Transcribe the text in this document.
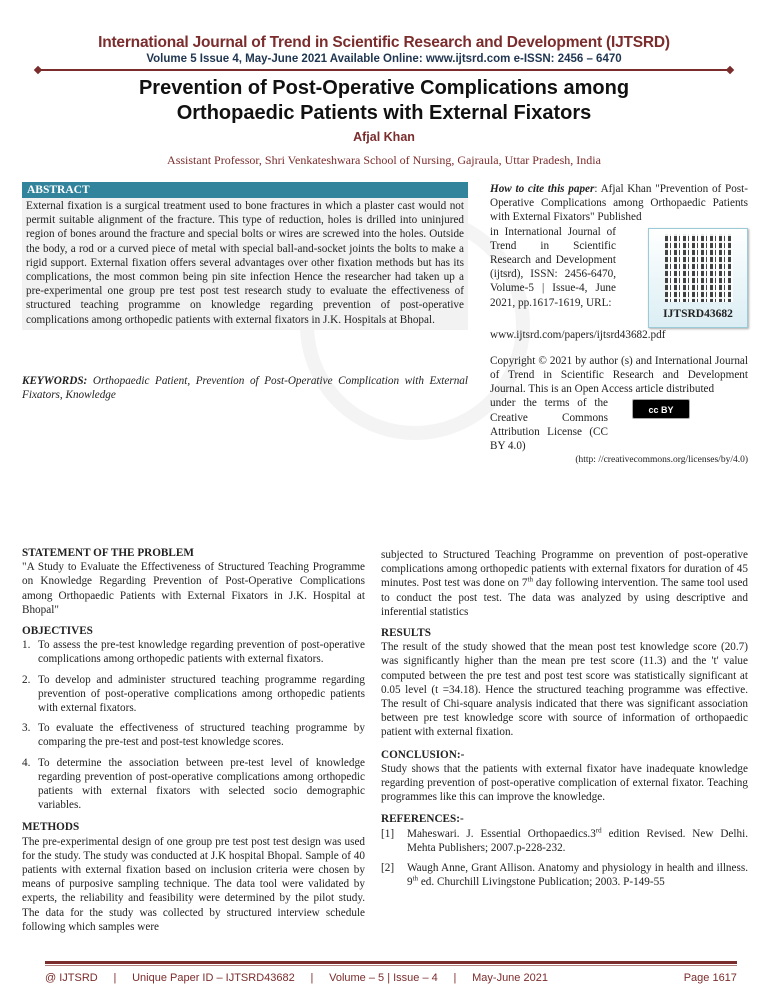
International Journal of Trend in Scientific Research and Development (IJTSRD)
Volume 5 Issue 4, May-June 2021 Available Online: www.ijtsrd.com e-ISSN: 2456 – 6470
Prevention of Post-Operative Complications among
Orthopaedic Patients with External Fixators
Afjal Khan
Assistant Professor, Shri Venkateshwara School of Nursing, Gajraula, Uttar Pradesh, India
ABSTRACT
External fixation is a surgical treatment used to bone fractures in which a plaster cast would not permit suitable alignment of the fracture. This type of reduction, holes is drilled into uninjured region of bones around the fracture and special bolts or wires are screwed into the holes. Outside the body, a rod or a curved piece of metal with special ball-and-socket joints the bolts to make a rigid support. External fixation offers several advantages over other fixation methods but has its complications, the most common being pin site infection Hence the researcher had taken up a pre-experimental one group pre test post test research study to evaluate the effectiveness of structured teaching programme on knowledge regarding prevention of post-operative complications among orthopedic patients with external fixators in J.K. Hospitals at Bhopal.
KEYWORDS: Orthopaedic Patient, Prevention of Post-Operative Complication with External Fixators, Knowledge
How to cite this paper: Afjal Khan "Prevention of Post-Operative Complications among Orthopaedic Patients with External Fixators" Published
in International Journal of Trend in Scientific Research and Development (ijtsrd), ISSN: 2456-6470, Volume-5 | Issue-4, June 2021, pp.1617-1619, URL:
IJTSRD43682
www.ijtsrd.com/papers/ijtsrd43682.pdf
Copyright © 2021 by author (s) and International Journal of Trend in Scientific Research and Development Journal. This is an Open Access article distributed
under the terms of the Creative Commons Attribution License (CC BY 4.0)
cc BY
(http: //creativecommons.org/licenses/by/4.0)
STATEMENT OF THE PROBLEM
"A Study to Evaluate the Effectiveness of Structured Teaching Programme on Knowledge Regarding Prevention of Post-Operative Complications among Orthopaedic Patients with External Fixators in J.K. Hospital at Bhopal"
OBJECTIVES
1. To assess the pre-test knowledge regarding prevention of post-operative complications among orthopedic patients with external fixators.
2. To develop and administer structured teaching programme regarding prevention of post-operative complications among orthopedic patients with external fixators.
3. To evaluate the effectiveness of structured teaching programme by comparing the pre-test and post-test knowledge scores.
4. To determine the association between pre-test level of knowledge regarding prevention of post-operative complications among orthopedic patients with external fixators with selected socio demographic variables.
METHODS
The pre-experimental design of one group pre test post test design was used for the study. The study was conducted at J.K hospital Bhopal. Sample of 40 patients with external fixation based on inclusion criteria were chosen by means of purposive sampling technique. The data tool were validated by experts, the reliability and feasibility were determined by the pilot study. The data for the study was collected by structured interview schedule following which samples were
subjected to Structured Teaching Programme on prevention of post-operative complications among orthopedic patients with external fixators for duration of 45 minutes. Post test was done on 7th day following intervention. The same tool used to conduct the post test. The data was analyzed by using descriptive and inferential statistics
RESULTS
The result of the study showed that the mean post test knowledge score (20.7) was significantly higher than the mean pre test score (11.3) and the 't' value computed between the pre test and post test score was statistically significant at 0.05 level (t =34.18). Hence the structured teaching programme was effective. The result of Chi-square analysis indicated that there was significant association between pre test knowledge score with source of information of orthopaedic patient with external fixation.
CONCLUSION:-
Study shows that the patients with external fixator have inadequate knowledge regarding prevention of post-operative complication of external fixator. Teaching programmes like this can improve the knowledge.
REFERENCES:-
[1]	Maheswari. J. Essential Orthopaedics.3rd edition Revised. New Delhi. Mehta Publishers; 2007.p-228-232.
[2]	Waugh Anne, Grant Allison. Anatomy and physiology in health and illness. 9th ed. Churchill Livingstone Publication; 2003. P-149-55
@ IJTSRD | Unique Paper ID – IJTSRD43682 | Volume – 5 | Issue – 4 | May-June 2021	Page 1617
